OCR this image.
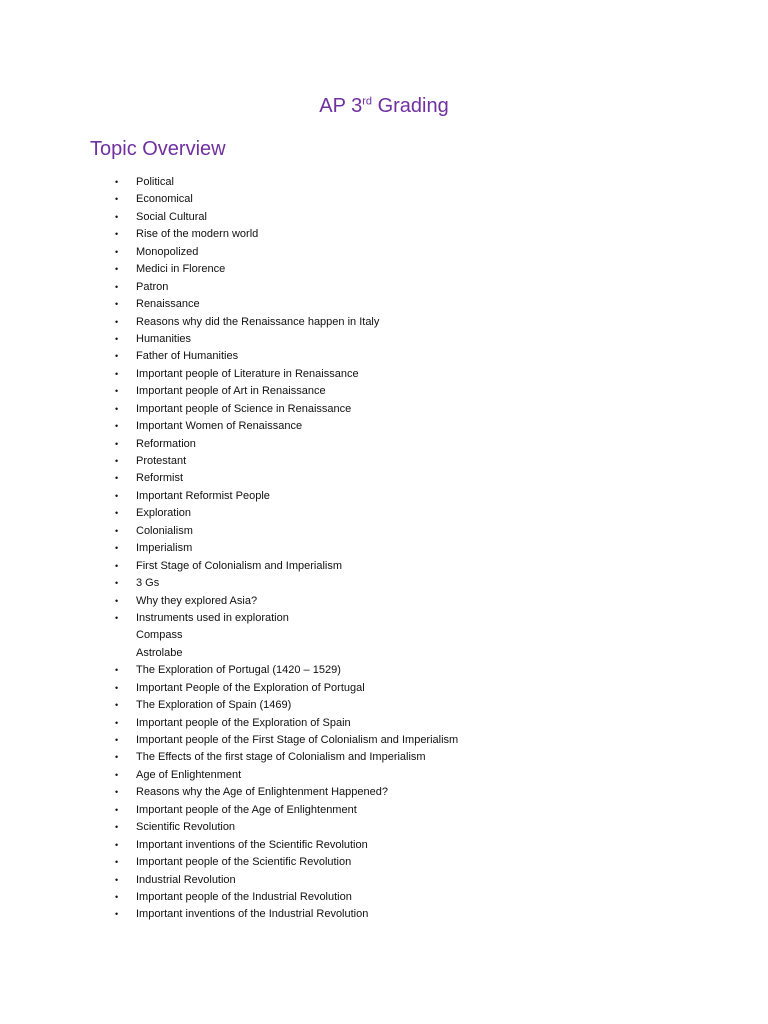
AP 3rd Grading
Topic Overview
• Political
• Economical
• Social Cultural
• Rise of the modern world
• Monopolized
• Medici in Florence
• Patron
• Renaissance
• Reasons why did the Renaissance happen in Italy
• Humanities
• Father of Humanities
• Important people of Literature in Renaissance
• Important people of Art in Renaissance
• Important people of Science in Renaissance
• Important Women of Renaissance
• Reformation
• Protestant
• Reformist
• Important Reformist People
• Exploration
• Colonialism
• Imperialism
• First Stage of Colonialism and Imperialism
• 3 Gs
• Why they explored Asia?
• Instruments used in exploration
Compass
Astrolabe
• The Exploration of Portugal (1420 – 1529)
• Important People of the Exploration of Portugal
• The Exploration of Spain (1469)
• Important people of the Exploration of Spain
• Important people of the First Stage of Colonialism and Imperialism
• The Effects of the first stage of Colonialism and Imperialism
• Age of Enlightenment
• Reasons why the Age of Enlightenment Happened?
• Important people of the Age of Enlightenment
• Scientific Revolution
• Important inventions of the Scientific Revolution
• Important people of the Scientific Revolution
• Industrial Revolution
• Important people of the Industrial Revolution
• Important inventions of the Industrial Revolution
